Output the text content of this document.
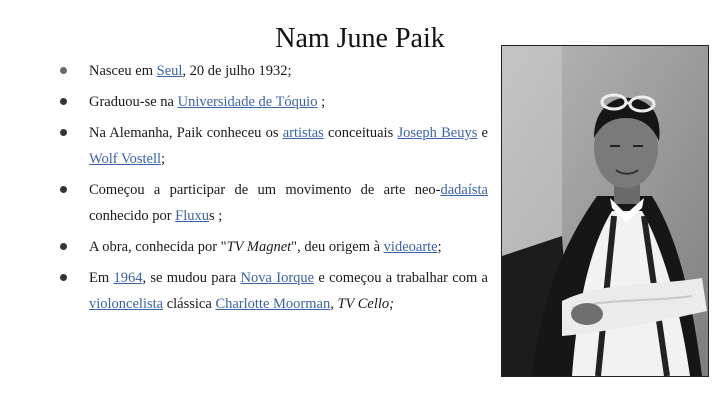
Nam June Paik
Nasceu em Seul, 20 de julho 1932;
Graduou-se na Universidade de Tóquio ;
Na Alemanha, Paik conheceu os artistas conceituais Joseph Beuys e Wolf Vostell;
Começou a participar de um movimento de arte neo-dadaísta conhecido por Fluxus ;
A obra, conhecida por "TV Magnet", deu origem à videoarte;
Em 1964, se mudou para Nova Iorque e começou a trabalhar com a violoncelista clássica Charlotte Moorman, TV Cello;
